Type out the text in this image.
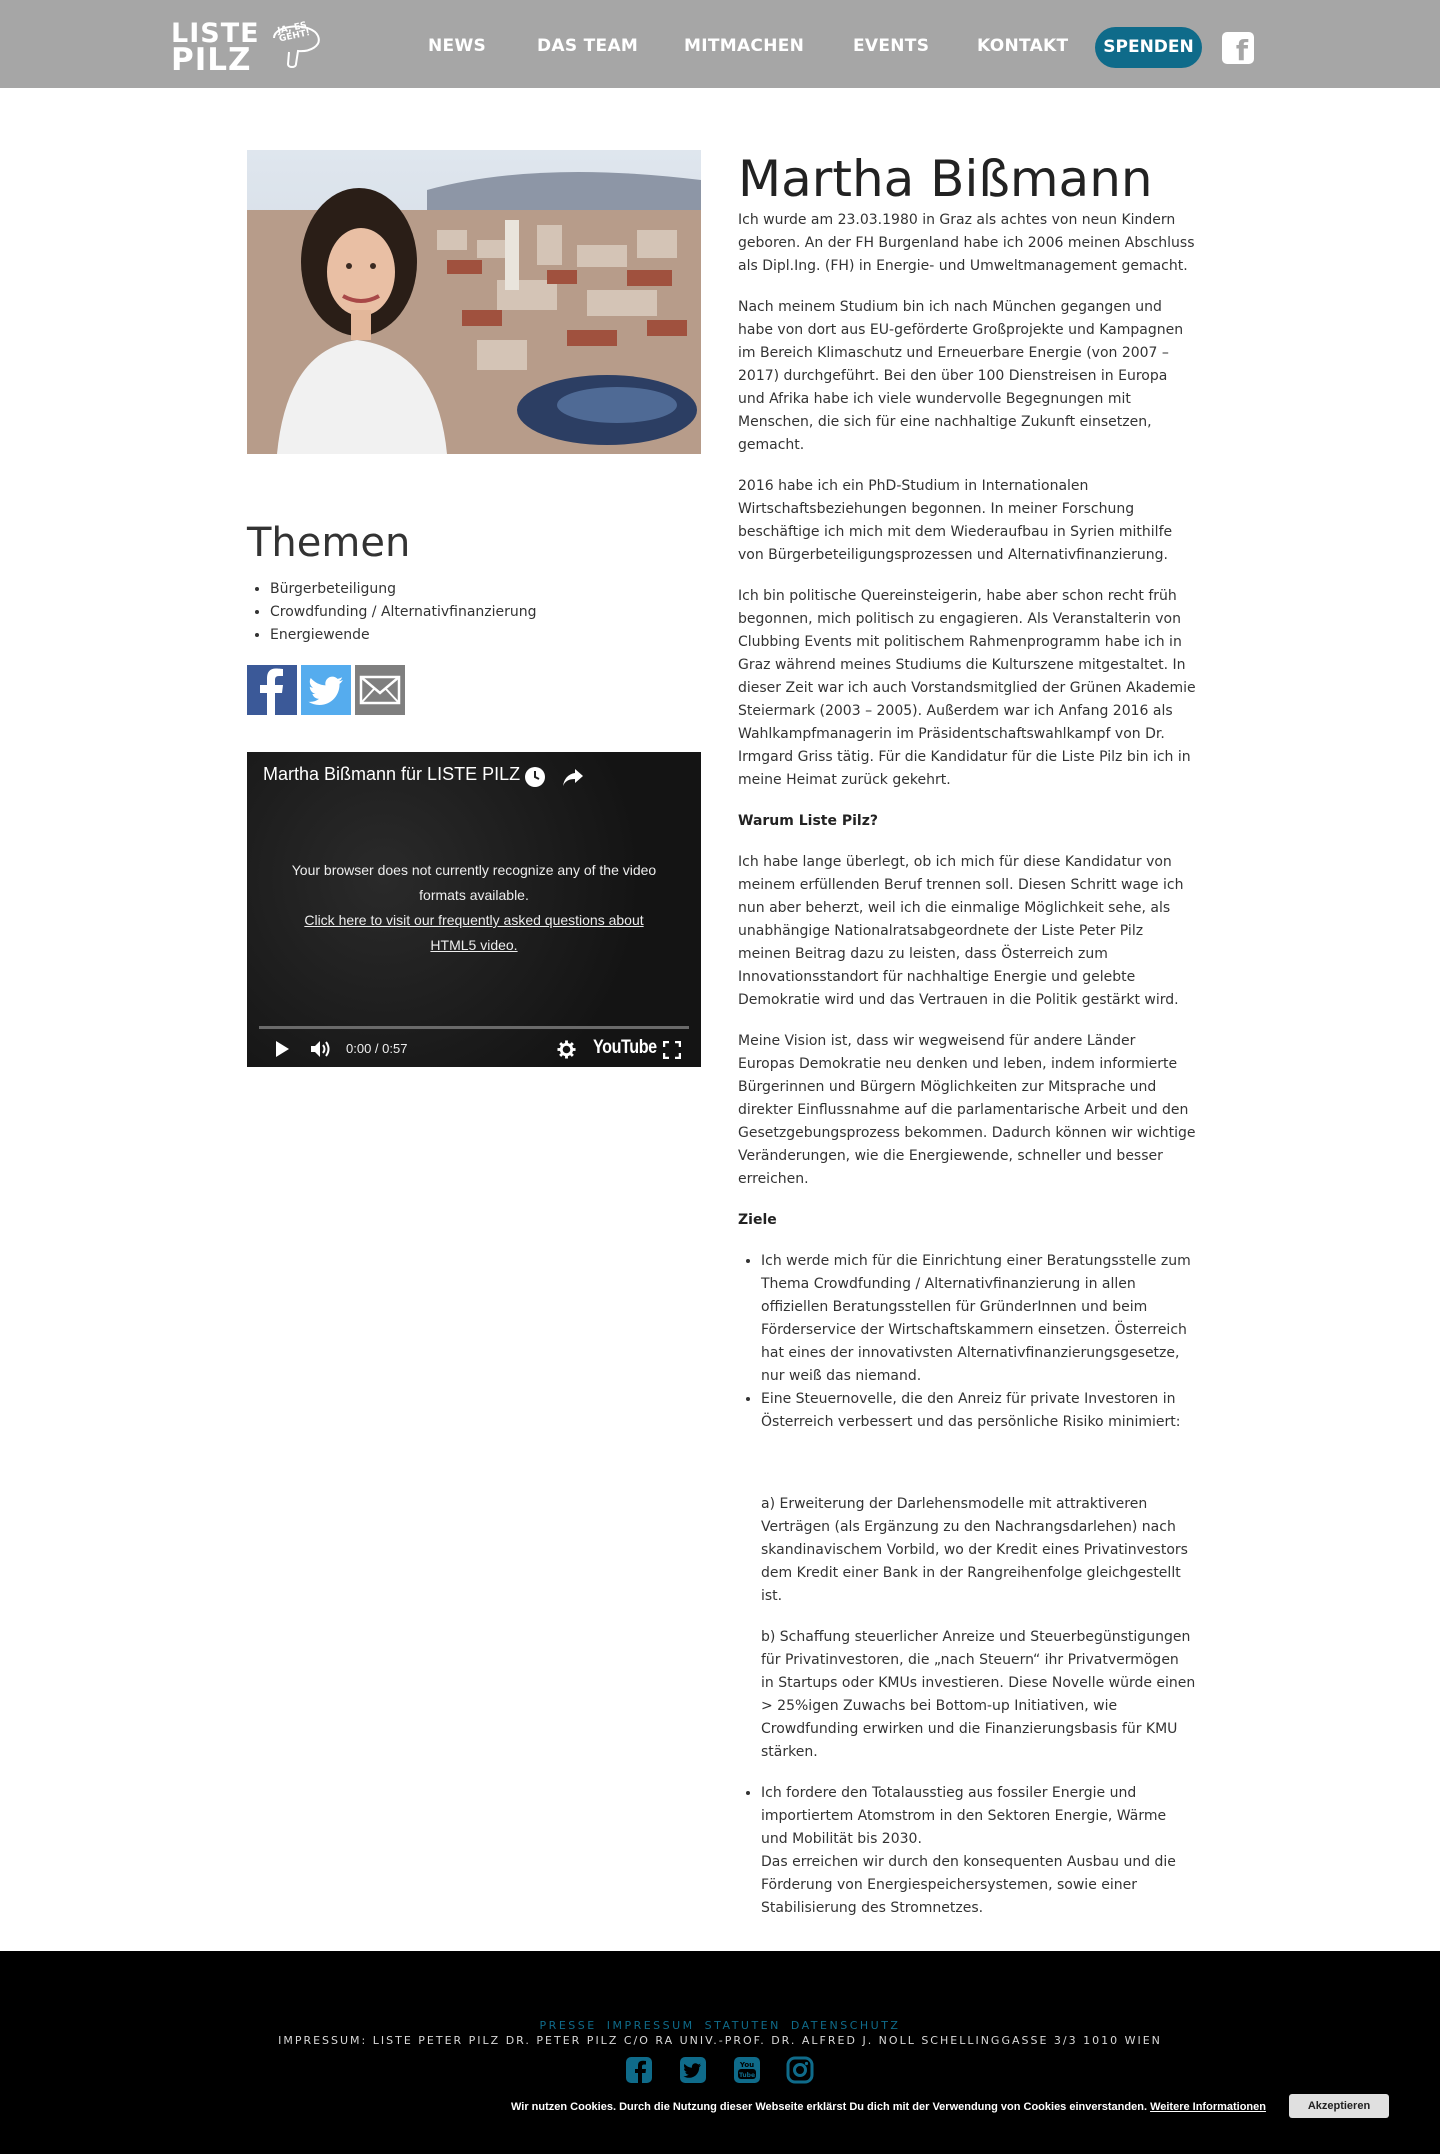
LISTE
PILZ
JA, ES GEHT!	NEWS	DAS TEAM	MITMACHEN	EVENTS	KONTAKT	SPENDEN f
Themen
• Bürgerbeteiligung
• Crowdfunding / Alternativfinanzierung
• Energiewende
Martha Bißmann für LISTE PILZ
Your browser does not currently recognize any of the video formats available.
Click here to visit our frequently asked questions about HTML5 video.
0:00 / 0:57	YouTube
Martha Bißmann

Ich wurde am 23.03.1980 in Graz als achtes von neun Kindern geboren. An der FH Burgenland habe ich 2006 meinen Abschluss als Dipl.Ing. (FH) in Energie- und Umweltmanagement gemacht.

Nach meinem Studium bin ich nach München gegangen und habe von dort aus EU-geförderte Großprojekte und Kampagnen im Bereich Klimaschutz und Erneuerbare Energie (von 2007 – 2017) durchgeführt. Bei den über 100 Dienstreisen in Europa und Afrika habe ich viele wundervolle Begegnungen mit Menschen, die sich für eine nachhaltige Zukunft einsetzen, gemacht.

2016 habe ich ein PhD-Studium in Internationalen Wirtschaftsbeziehungen begonnen. In meiner Forschung beschäftige ich mich mit dem Wiederaufbau in Syrien mithilfe von Bürgerbeteiligungsprozessen und Alternativfinanzierung.

Ich bin politische Quereinsteigerin, habe aber schon recht früh begonnen, mich politisch zu engagieren. Als Veranstalterin von Clubbing Events mit politischem Rahmenprogramm habe ich in Graz während meines Studiums die Kulturszene mitgestaltet. In dieser Zeit war ich auch Vorstandsmitglied der Grünen Akademie Steiermark (2003 – 2005). Außerdem war ich Anfang 2016 als Wahlkampfmanagerin im Präsidentschaftswahlkampf von Dr. Irmgard Griss tätig. Für die Kandidatur für die Liste Pilz bin ich in meine Heimat zurück gekehrt.

Warum Liste Pilz?

Ich habe lange überlegt, ob ich mich für diese Kandidatur von meinem erfüllenden Beruf trennen soll. Diesen Schritt wage ich nun aber beherzt, weil ich die einmalige Möglichkeit sehe, als unabhängige Nationalratsabgeordnete der Liste Peter Pilz meinen Beitrag dazu zu leisten, dass Österreich zum Innovationsstandort für nachhaltige Energie und gelebte Demokratie wird und das Vertrauen in die Politik gestärkt wird.

Meine Vision ist, dass wir wegweisend für andere Länder Europas Demokratie neu denken und leben, indem informierte Bürgerinnen und Bürgern Möglichkeiten zur Mitsprache und direkter Einflussnahme auf die parlamentarische Arbeit und den Gesetzgebungsprozess bekommen. Dadurch können wir wichtige Veränderungen, wie die Energiewende, schneller und besser erreichen.

Ziele
• Ich werde mich für die Einrichtung einer Beratungsstelle zum Thema Crowdfunding / Alternativfinanzierung in allen offiziellen Beratungsstellen für GründerInnen und beim Förderservice der Wirtschaftskammern einsetzen. Österreich hat eines der innovativsten Alternativfinanzierungsgesetze, nur weiß das niemand.
• Eine Steuernovelle, die den Anreiz für private Investoren in Österreich verbessert und das persönliche Risiko minimiert:
a) Erweiterung der Darlehensmodelle mit attraktiveren Verträgen (als Ergänzung zu den Nachrangsdarlehen) nach skandinavischem Vorbild, wo der Kredit eines Privatinvestors dem Kredit einer Bank in der Rangreihenfolge gleichgestellt ist.
b) Schaffung steuerlicher Anreize und Steuerbegünstigungen für Privatinvestoren, die „nach Steuern“ ihr Privatvermögen in Startups oder KMUs investieren. Diese Novelle würde einen > 25%igen Zuwachs bei Bottom-up Initiativen, wie Crowdfunding erwirken und die Finanzierungsbasis für KMU stärken.
• Ich fordere den Totalausstieg aus fossiler Energie und importiertem Atomstrom in den Sektoren Energie, Wärme und Mobilität bis 2030.
Das erreichen wir durch den konsequenten Ausbau und die Förderung von Energiespeichersystemen, sowie einer Stabilisierung des Stromnetzes.
PRESSE IMPRESSUM STATUTEN DATENSCHUTZ
IMPRESSUM: LISTE PETER PILZ DR. PETER PILZ C/O RA UNIV.-PROF. DR. ALFRED J. NOLL SCHELLINGGASSE 3/3 1010 WIEN
You
Tube
Wir nutzen Cookies. Durch die Nutzung dieser Webseite erklärst Du dich mit der Verwendung von Cookies einverstanden. Weitere Informationen	Akzeptieren
